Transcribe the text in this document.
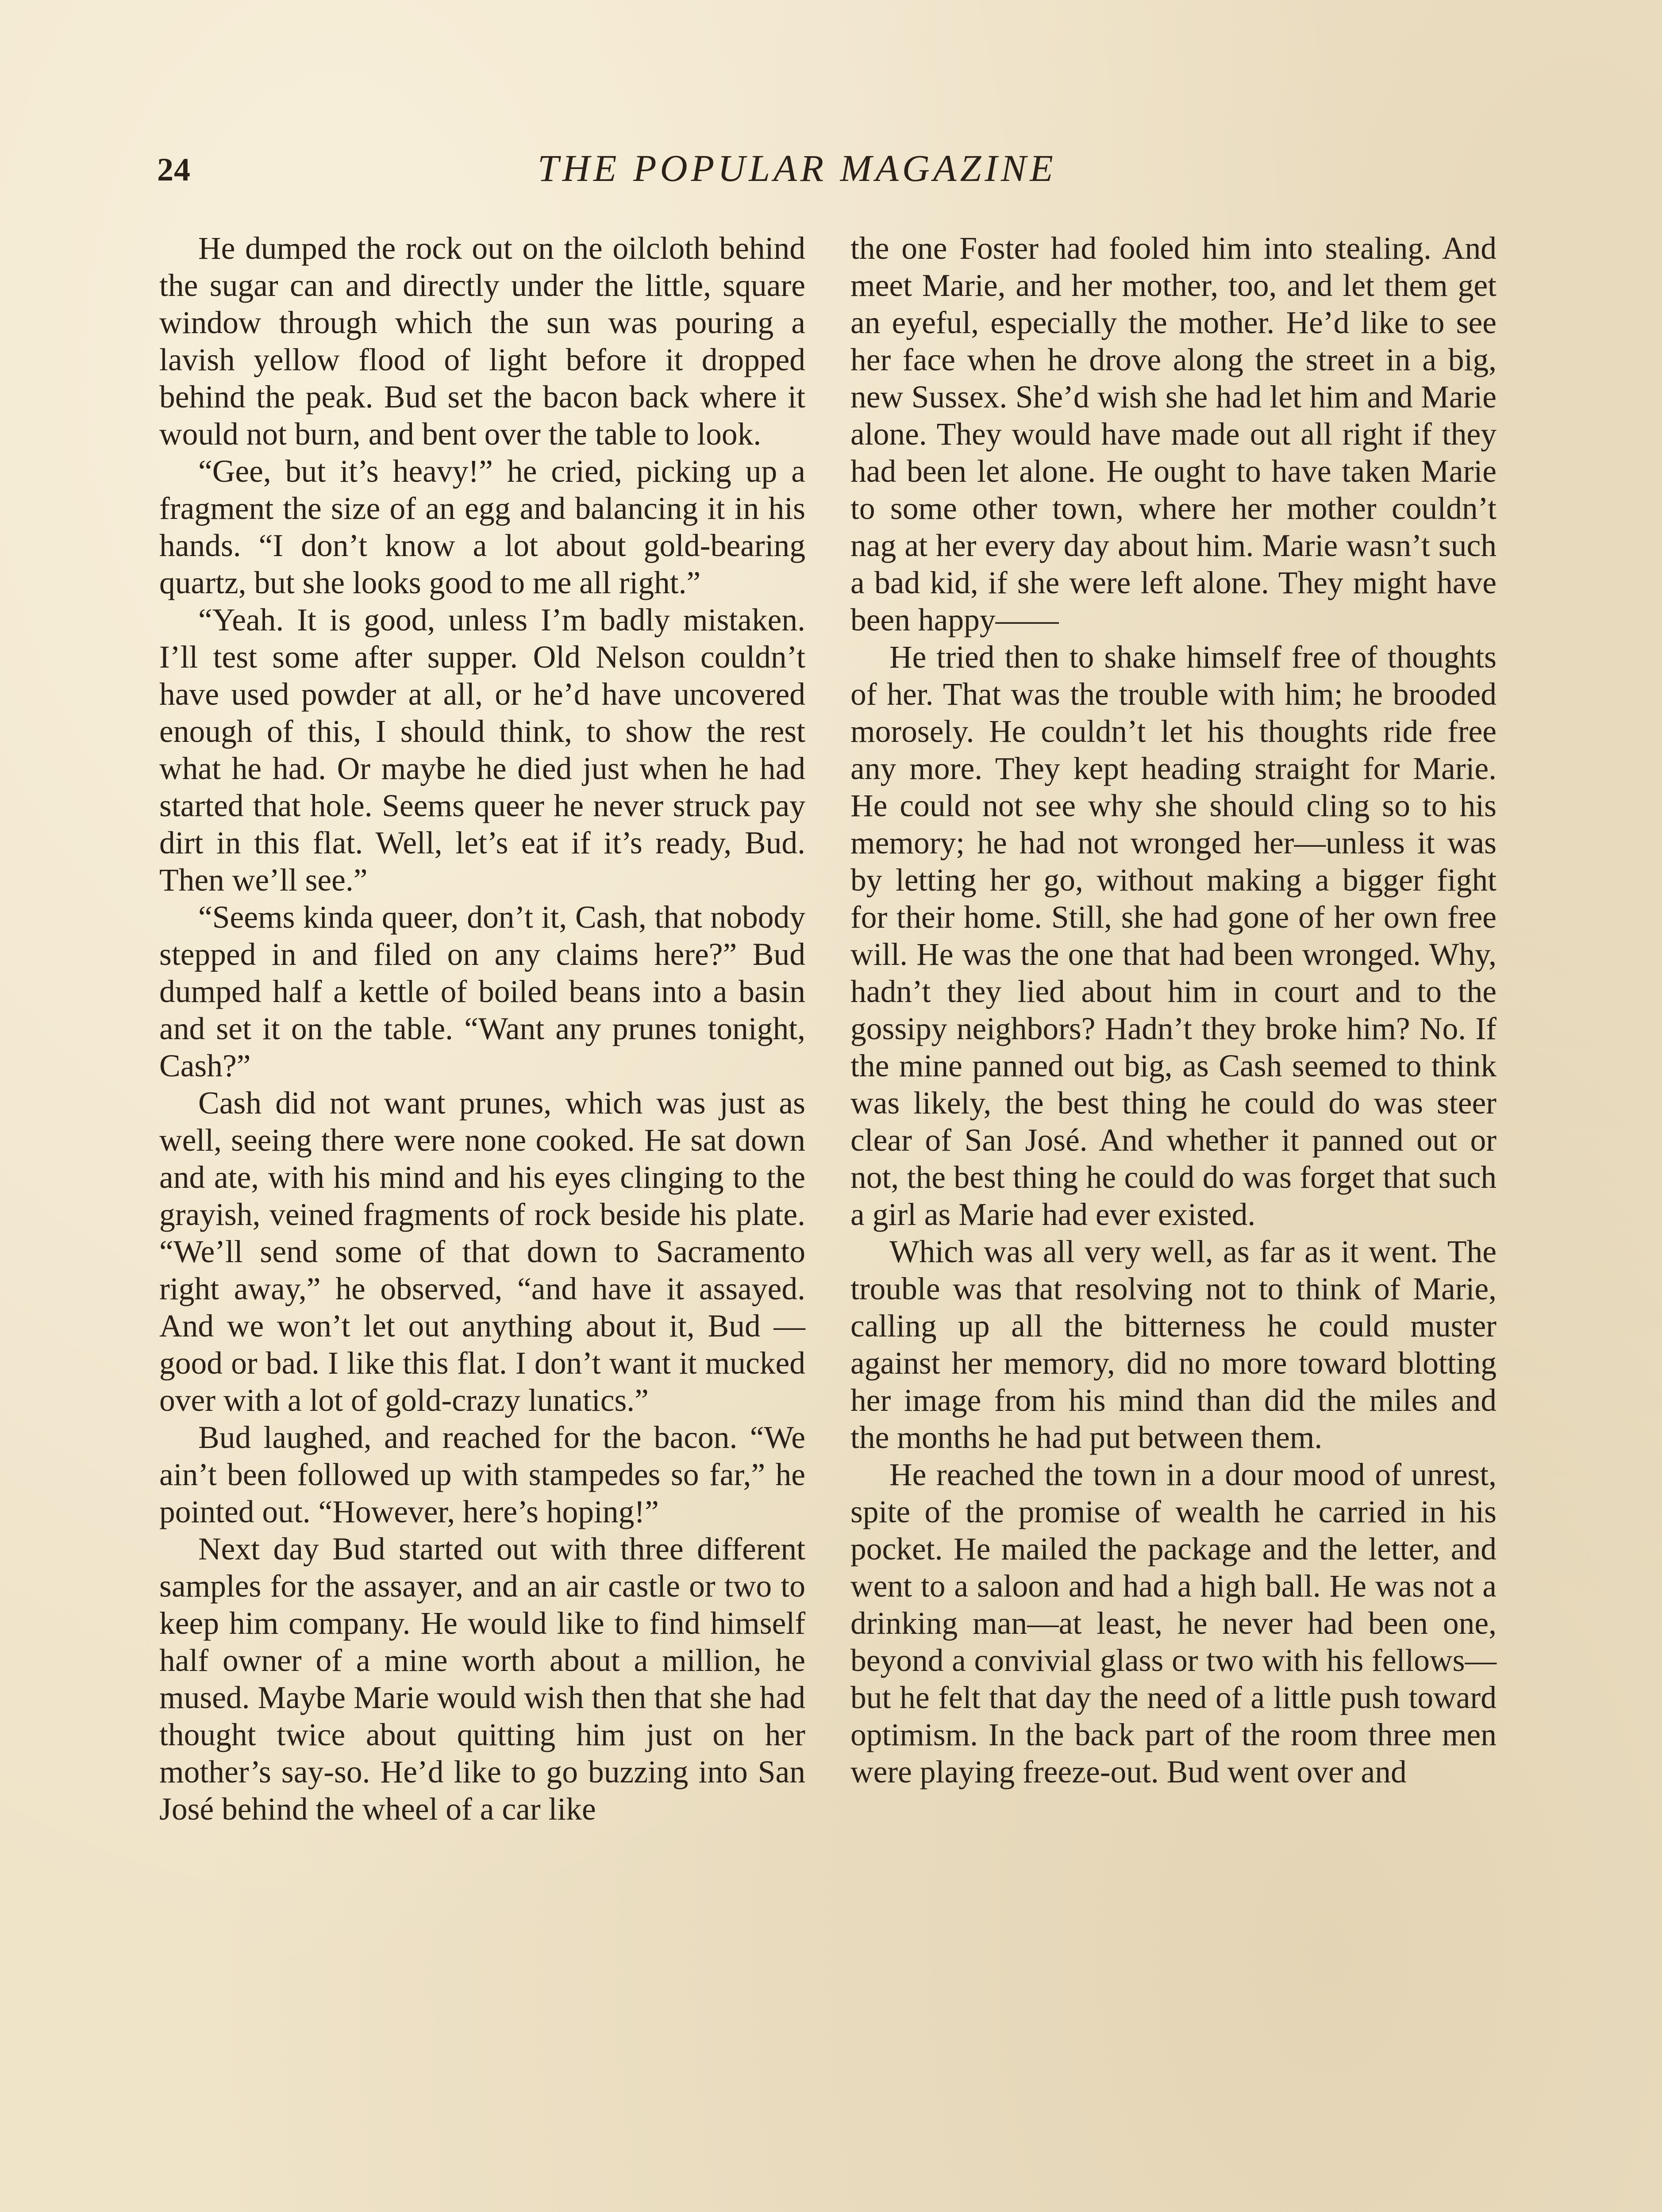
24	THE POPULAR MAGAZINE

He dumped the rock out on the oilcloth behind the sugar can and directly under the little, square window through which the sun was pouring a lavish yellow flood of light before it dropped behind the peak. Bud set the bacon back where it would not burn, and bent over the table to look.

“Gee, but it’s heavy!” he cried, picking up a fragment the size of an egg and balancing it in his hands. “I don’t know a lot about gold-bearing quartz, but she looks good to me all right.”

“Yeah. It is good, unless I’m badly mistaken. I’ll test some after supper. Old Nelson couldn’t have used powder at all, or he’d have uncovered enough of this, I should think, to show the rest what he had. Or maybe he died just when he had started that hole. Seems queer he never struck pay dirt in this flat. Well, let’s eat if it’s ready, Bud. Then we’ll see.”

“Seems kinda queer, don’t it, Cash, that nobody stepped in and filed on any claims here?” Bud dumped half a kettle of boiled beans into a basin and set it on the table. “Want any prunes tonight, Cash?”

Cash did not want prunes, which was just as well, seeing there were none cooked. He sat down and ate, with his mind and his eyes clinging to the grayish, veined fragments of rock beside his plate. “We’ll send some of that down to Sacramento right away,” he observed, “and have it assayed. And we won’t let out anything about it, Bud —good or bad. I like this flat. I don’t want it mucked over with a lot of gold-crazy lunatics.”

Bud laughed, and reached for the bacon. “We ain’t been followed up with stampedes so far,” he pointed out. “However, here’s hoping!”

Next day Bud started out with three different samples for the assayer, and an air castle or two to keep him company. He would like to find himself half owner of a mine worth about a million, he mused. Maybe Marie would wish then that she had thought twice about quitting him just on her mother’s say-so. He’d like to go buzzing into San José behind the wheel of a car like

the one Foster had fooled him into stealing. And meet Marie, and her mother, too, and let them get an eyeful, especially the mother. He’d like to see her face when he drove along the street in a big, new Sussex. She’d wish she had let him and Marie alone. They would have made out all right if they had been let alone. He ought to have taken Marie to some other town, where her mother couldn’t nag at her every day about him. Marie wasn’t such a bad kid, if she were left alone. They might have been happy——

He tried then to shake himself free of thoughts of her. That was the trouble with him; he brooded morosely. He couldn’t let his thoughts ride free any more. They kept heading straight for Marie. He could not see why she should cling so to his memory; he had not wronged her—unless it was by letting her go, without making a bigger fight for their home. Still, she had gone of her own free will. He was the one that had been wronged. Why, hadn’t they lied about him in court and to the gossipy neighbors? Hadn’t they broke him? No. If the mine panned out big, as Cash seemed to think was likely, the best thing he could do was steer clear of San José. And whether it panned out or not, the best thing he could do was forget that such a girl as Marie had ever existed.

Which was all very well, as far as it went. The trouble was that resolving not to think of Marie, calling up all the bitterness he could muster against her memory, did no more toward blotting her image from his mind than did the miles and the months he had put between them.

He reached the town in a dour mood of unrest, spite of the promise of wealth he carried in his pocket. He mailed the package and the letter, and went to a saloon and had a high ball. He was not a drinking man—at least, he never had been one, beyond a convivial glass or two with his fellows—but he felt that day the need of a little push toward optimism. In the back part of the room three men were playing freeze-out. Bud went over and
